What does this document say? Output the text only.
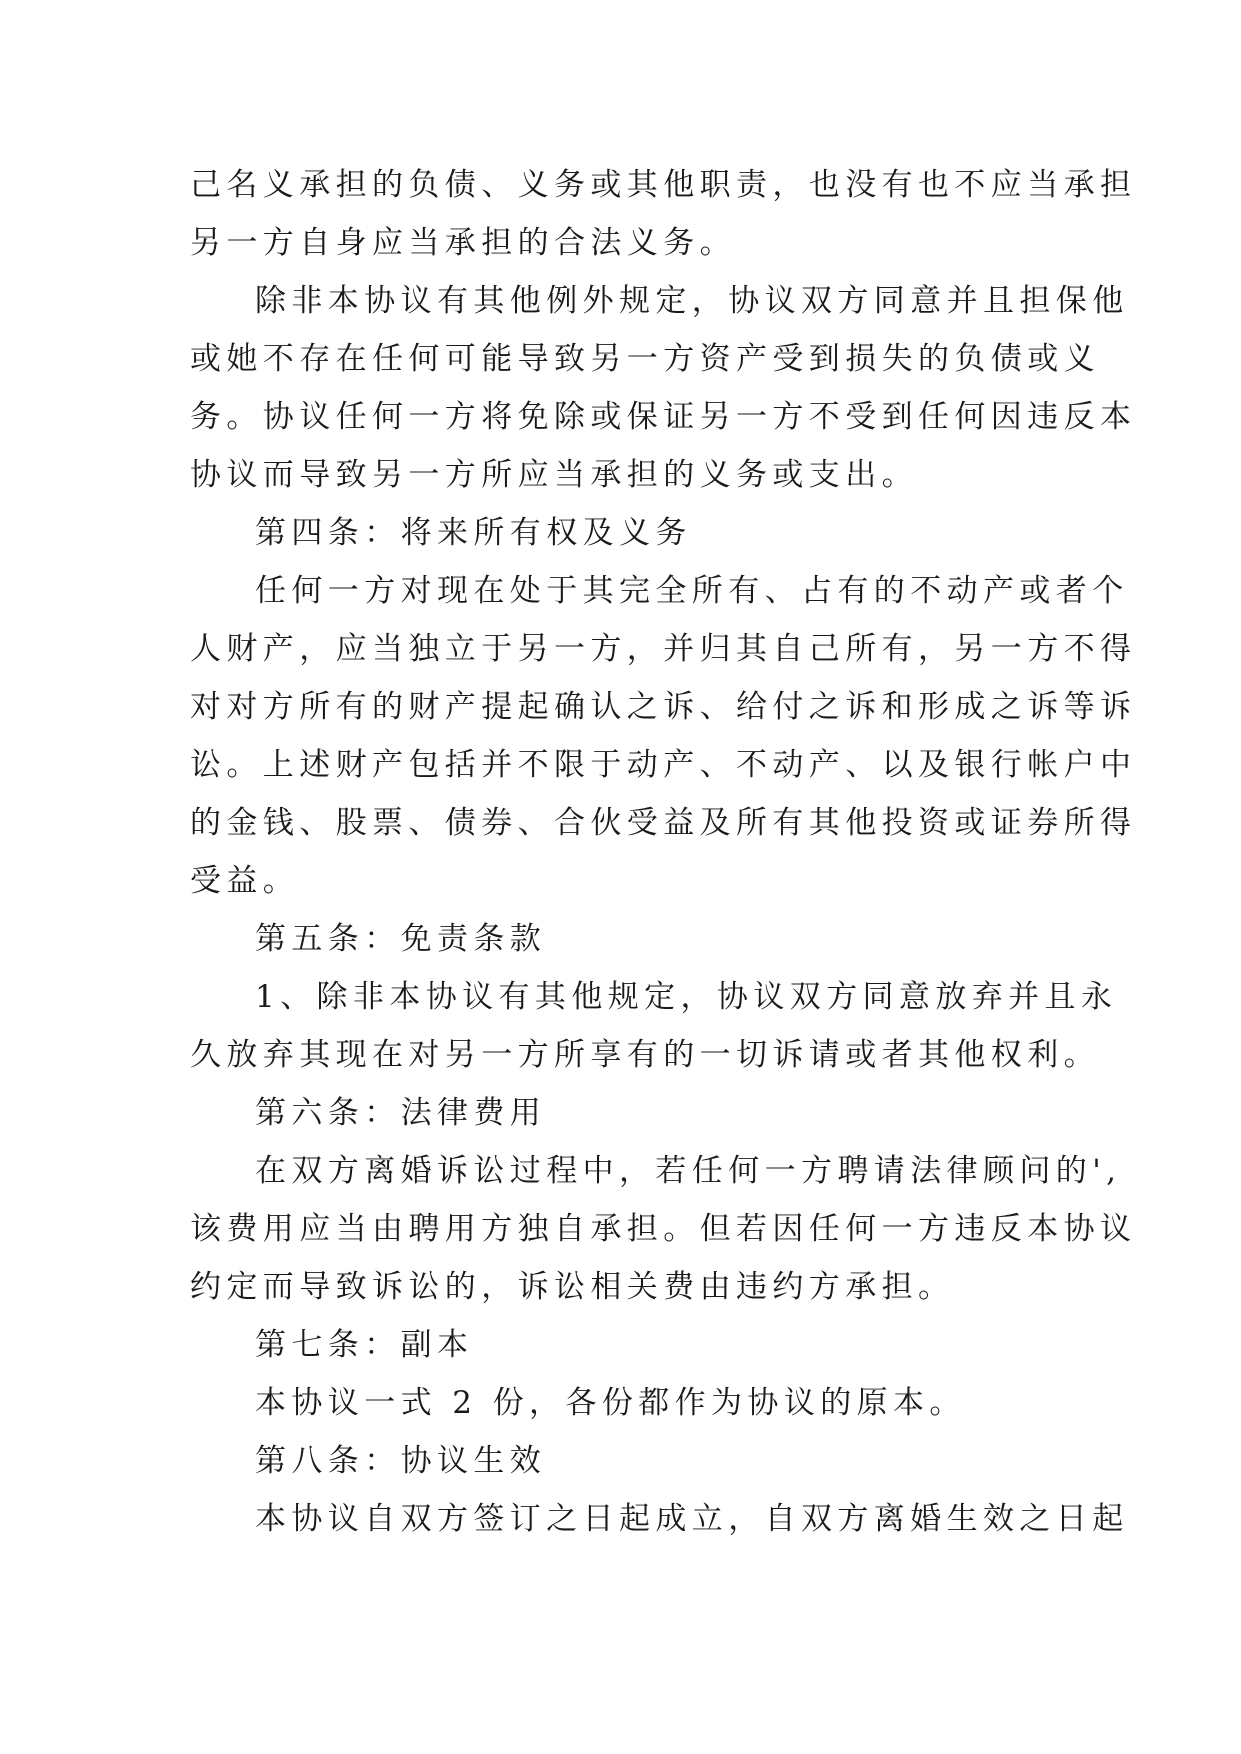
己名义承担的负债、义务或其他职责，也没有也不应当承担
另一方自身应当承担的合法义务。
除非本协议有其他例外规定，协议双方同意并且担保他
或她不存在任何可能导致另一方资产受到损失的负债或义
务。协议任何一方将免除或保证另一方不受到任何因违反本
协议而导致另一方所应当承担的义务或支出。
第四条：将来所有权及义务
任何一方对现在处于其完全所有、占有的不动产或者个
人财产，应当独立于另一方，并归其自己所有，另一方不得
对对方所有的财产提起确认之诉、给付之诉和形成之诉等诉
讼。上述财产包括并不限于动产、不动产、以及银行帐户中
的金钱、股票、债券、合伙受益及所有其他投资或证券所得
受益。
第五条：免责条款
1、除非本协议有其他规定，协议双方同意放弃并且永
久放弃其现在对另一方所享有的一切诉请或者其他权利。
第六条：法律费用
在双方离婚诉讼过程中，若任何一方聘请法律顾问的',
该费用应当由聘用方独自承担。但若因任何一方违反本协议
约定而导致诉讼的，诉讼相关费由违约方承担。
第七条：副本
本协议一式 2 份，各份都作为协议的原本。
第八条：协议生效
本协议自双方签订之日起成立，自双方离婚生效之日起
